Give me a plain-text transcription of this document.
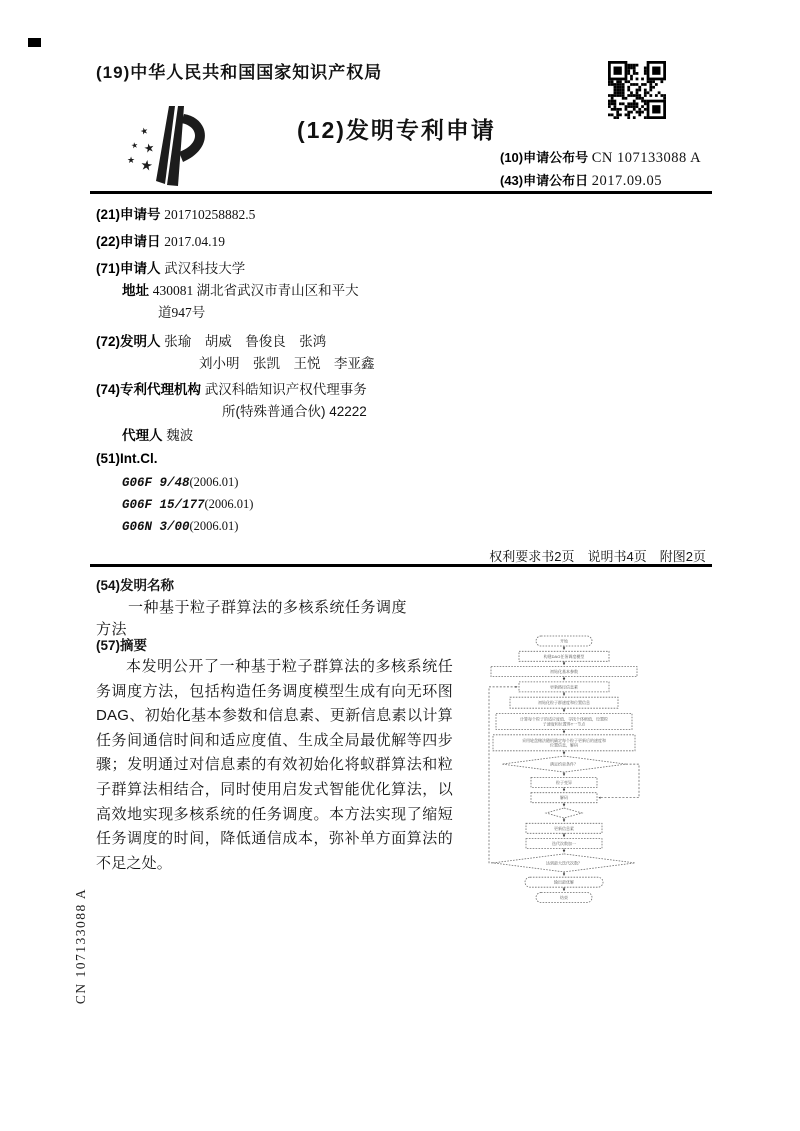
(19)中华人民共和国国家知识产权局
★
★ ★
★ ★
(12)发明专利申请
(10)申请公布号 CN 107133088 A
(43)申请公布日 2017.09.05
(21)申请号 201710258882.5
(22)申请日 2017.04.19
(71)申请人 武汉科技大学
地址 430081 湖北省武汉市青山区和平大
道947号
(72)发明人 张瑜　胡威　鲁俊良　张鸿
刘小明　张凯　王悦　李亚鑫
(74)专利代理机构 武汉科皓知识产权代理事务
所(特殊普通合伙) 42222
代理人 魏波
(51)Int.Cl.
G06F 9/48(2006.01)
G06F 15/177(2006.01)
G06N 3/00(2006.01)
权利要求书2页　说明书4页　附图2页
(54)发明名称
一种基于粒子群算法的多核系统任务调度
方法
(57)摘要
本发明公开了一种基于粒子群算法的多核系统任务调度方法，包括构造任务调度模型生成有向无环图DAG、初始化基本参数和信息素、更新信息素以计算任务间通信时间和适应度值、生成全局最优解等四步骤；发明通过对信息素的有效初始化将蚁群算法和粒子群算法相结合，同时使用启发式智能优化算法，以高效地实现多核系统的任务调度。本方法实现了缩短任务调度的时间，降低通信成本，弥补单方面算法的不足之处。
开始
构建DAG任务调度模型
初始化基本参数
更新路径信息素
初始化粒子群速度和位置信息
计算每个粒子的适应度值，寻找个体极值，设置粒
子速度和位置界T一节点
采用轮盘赌法随机确定每个粒子更新后的速度和
位置信息，解码
满足约束条件？
粒子变异
解码
更新信息素
迭代次数加一
达到最大迭代次数？
输出最优解
结束
CN 107133088 A
